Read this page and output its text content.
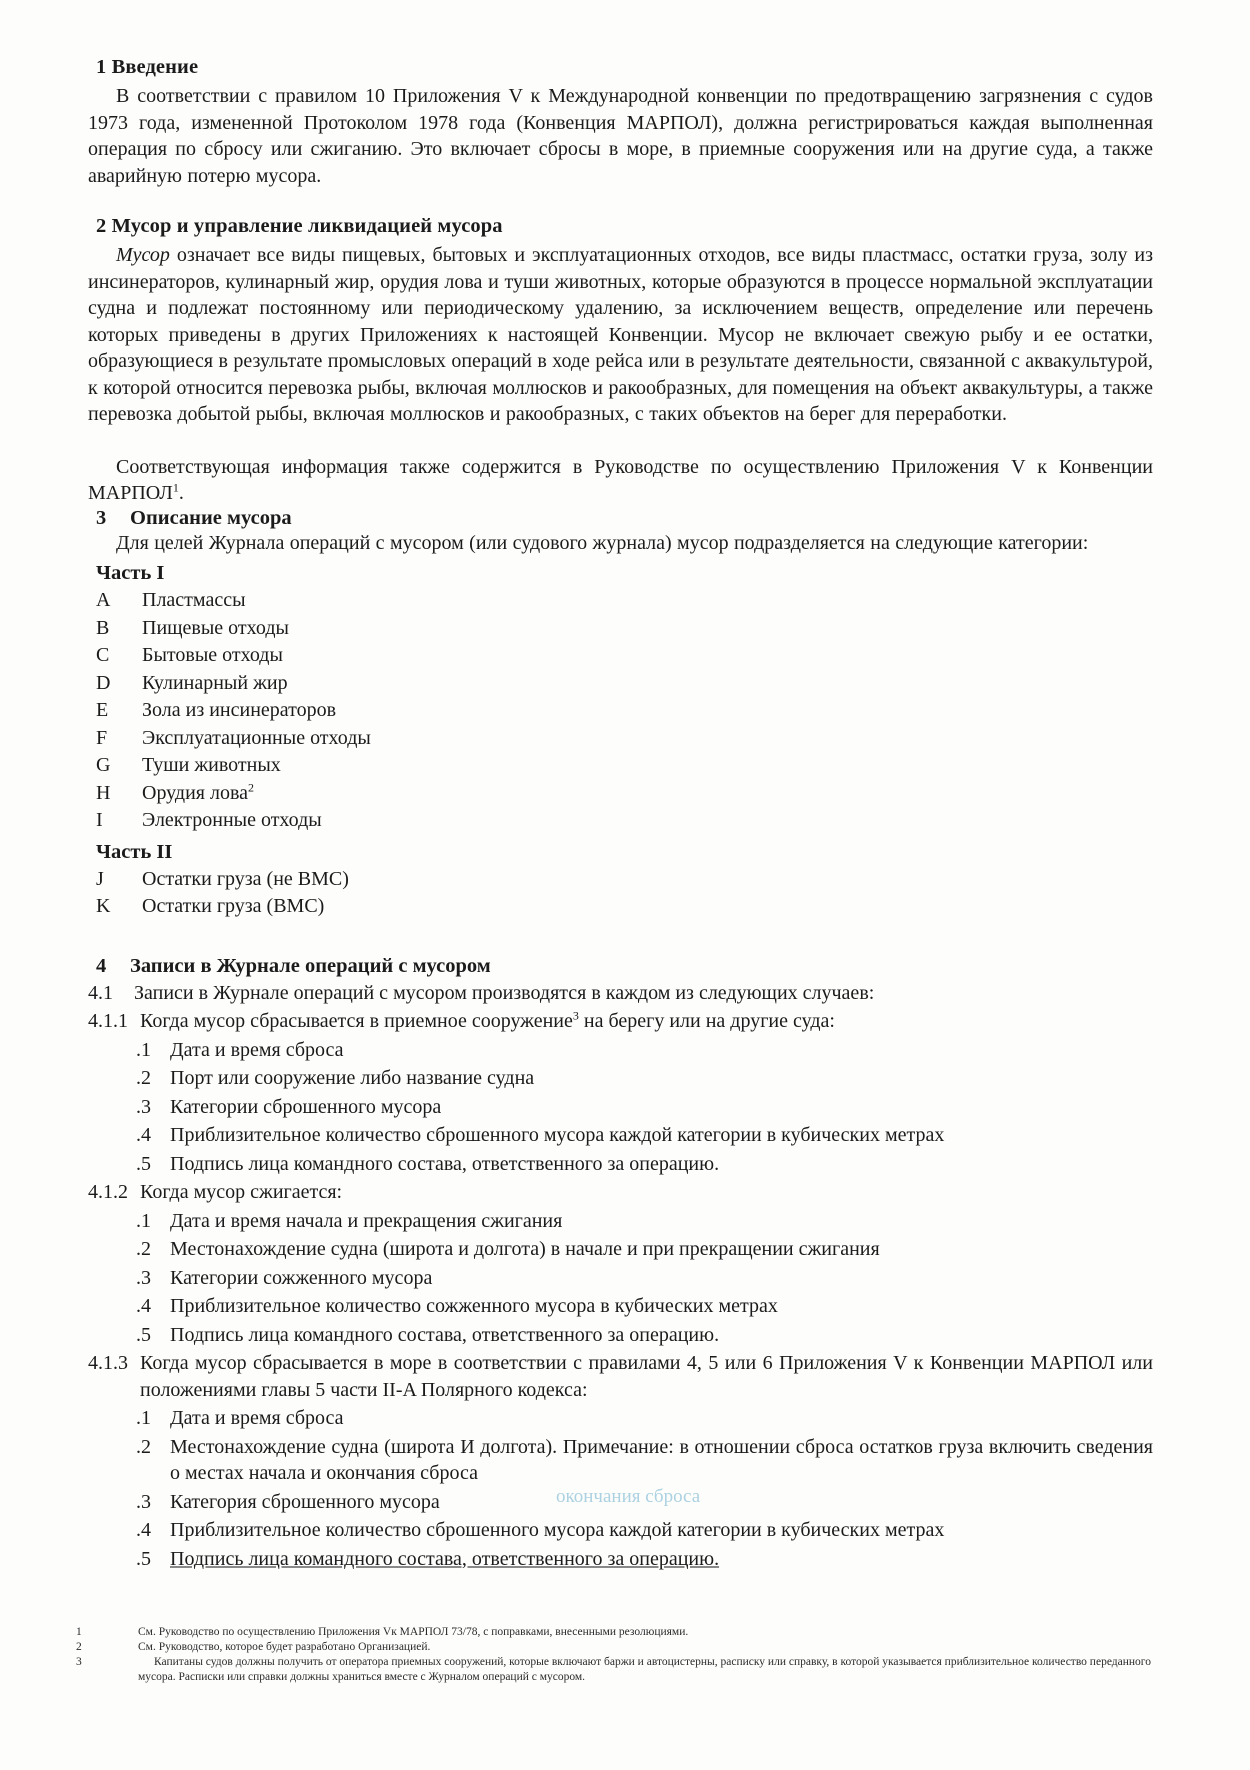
1 Введение

В соответствии с правилом 10 Приложения V к Международной конвенции по предотвращению загрязнения с судов 1973 года, измененной Протоколом 1978 года (Конвенция МАРПОЛ), должна регистрироваться каждая выполненная операция по сбросу или сжиганию. Это включает сбросы в море, в приемные сооружения или на другие суда, а также аварийную потерю мусора.

2 Мусор и управление ликвидацией мусора

Мусор означает все виды пищевых, бытовых и эксплуатационных отходов, все виды пластмасс, остатки груза, золу из инсинераторов, кулинарный жир, орудия лова и туши животных, которые образуются в процессе нормальной эксплуатации судна и подлежат постоянному или периодическому удалению, за исключением веществ, определение или перечень которых приведены в других Приложениях к настоящей Конвенции. Мусор не включает свежую рыбу и ее остатки, образующиеся в результате промысловых операций в ходе рейса или в результате деятельности, связанной с аквакультурой, к которой относится перевозка рыбы, включая моллюсков и ракообразных, для помещения на объект аквакультуры, а также перевозка добытой рыбы, включая моллюсков и ракообразных, с таких объектов на берег для переработки.

Соответствующая информация также содержится в Руководстве по осуществлению Приложения V к Конвенции МАРПОЛ$^1$.

3	Описание мусора

Для целей Журнала операций с мусором (или судового журнала) мусор подразделяется на следующие категории:

Часть I
A	Пластмассы
B	Пищевые отходы
C	Бытовые отходы
D	Кулинарный жир
E	Зола из инсинераторов
F	Эксплуатационные отходы
G	Туши животных
H	Орудия лова$^2$
I	Электронные отходы
Часть II
J	Остатки груза (не ВМС)
K	Остатки груза (ВМС)
4	Записи в Журнале операций с мусором
4.1	Записи в Журнале операций с мусором производятся в каждом из следующих случаев:
4.1.1 Когда мусор сбрасывается в приемное сооружение$^3$ на берегу или на другие суда:
.1 Дата и время сброса
.2 Порт или сооружение либо название судна
.3 Категории сброшенного мусора
.4 Приблизительное количество сброшенного мусора каждой категории в кубических метрах
.5 Подпись лица командного состава, ответственного за операцию.
4.1.2 Когда мусор сжигается:
.1 Дата и время начала и прекращения сжигания
.2 Местонахождение судна (широта и долгота) в начале и при прекращении сжигания
.3 Категории сожженного мусора
.4 Приблизительное количество сожженного мусора в кубических метрах
.5 Подпись лица командного состава, ответственного за операцию.
4.1.3 Когда мусор сбрасывается в море в соответствии с правилами 4, 5 или 6 Приложения V к Конвенции МАРПОЛ или положениями главы 5 части II-A Полярного кодекса:
.1 Дата и время сброса
.2 Местонахождение судна (широта И долгота). Примечание: в отношении сброса остатков груза включить сведения о местах начала и окончания сброса
.3 Категория сброшенного мусора
.4 Приблизительное количество сброшенного мусора каждой категории в кубических метрах
.5 Подпись лица командного состава, ответственного за операцию.
окончания сброса
1	См. Руководство по осуществлению Приложения Vк МАРПОЛ 73/78, с поправками, внесенными резолюциями.
2	См. Руководство, которое будет разработано Организацией.
3	Капитаны судов должны получить от оператора приемных сооружений, которые включают баржи и автоцистерны, расписку или справку, в которой указывается приблизительное количество переданного мусора. Расписки или справки должны храниться вместе с Журналом операций с мусором.
